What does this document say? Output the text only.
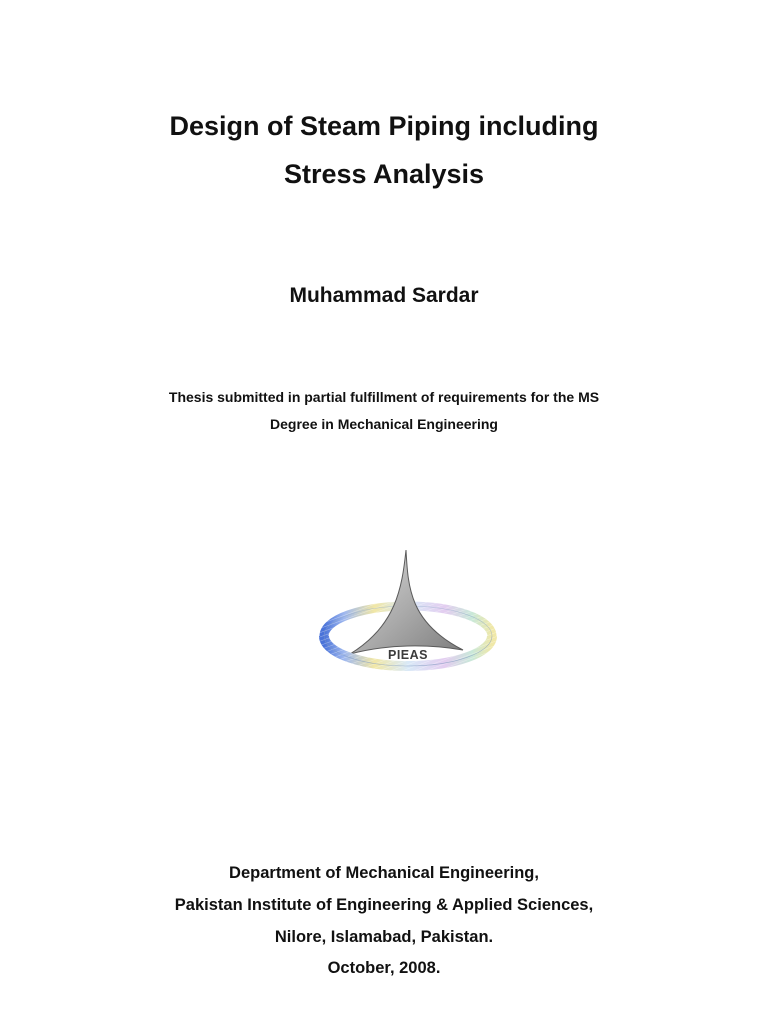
Design of Steam Piping including
Stress Analysis

Muhammad Sardar

Thesis submitted in partial fulfillment of requirements for the MS

Degree in Mechanical Engineering

PIEAS

Department of Mechanical Engineering,

Pakistan Institute of Engineering & Applied Sciences,

Nilore, Islamabad, Pakistan.

October, 2008.
